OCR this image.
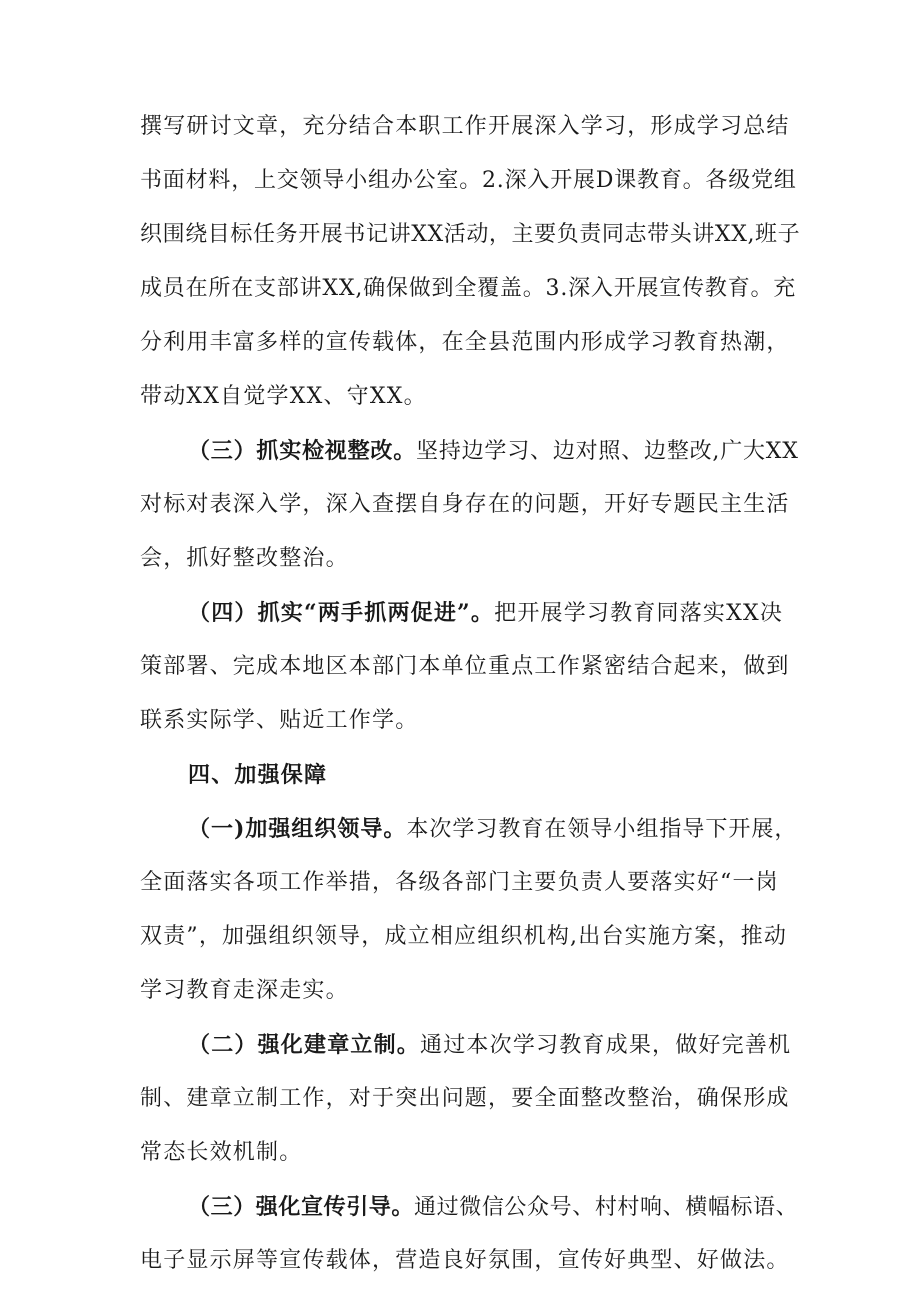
撰写研讨文章，充分结合本职工作开展深入学习，形成学习总结
书面材料，上交领导小组办公室。2.深入开展D课教育。各级党组
织围绕目标任务开展书记讲XX活动，主要负责同志带头讲XX,班子
成员在所在支部讲XX,确保做到全覆盖。3.深入开展宣传教育。充
分利用丰富多样的宣传载体，在全县范围内形成学习教育热潮，
带动XX自觉学XX、守XX。
（三）抓实检视整改。坚持边学习、边对照、边整改,广大XX
对标对表深入学，深入查摆自身存在的问题，开好专题民主生活
会，抓好整改整治。
（四）抓实“两手抓两促进”。把开展学习教育同落实XX决
策部署、完成本地区本部门本单位重点工作紧密结合起来，做到
联系实际学、贴近工作学。
四、加强保障
（一)加强组织领导。本次学习教育在领导小组指导下开展，
全面落实各项工作举措，各级各部门主要负责人要落实好“一岗
双责”，加强组织领导，成立相应组织机构,出台实施方案，推动
学习教育走深走实。
（二）强化建章立制。通过本次学习教育成果，做好完善机
制、建章立制工作，对于突出问题，要全面整改整治，确保形成
常态长效机制。
（三）强化宣传引导。通过微信公众号、村村响、横幅标语、
电子显示屏等宣传载体，营造良好氛围，宣传好典型、好做法。
